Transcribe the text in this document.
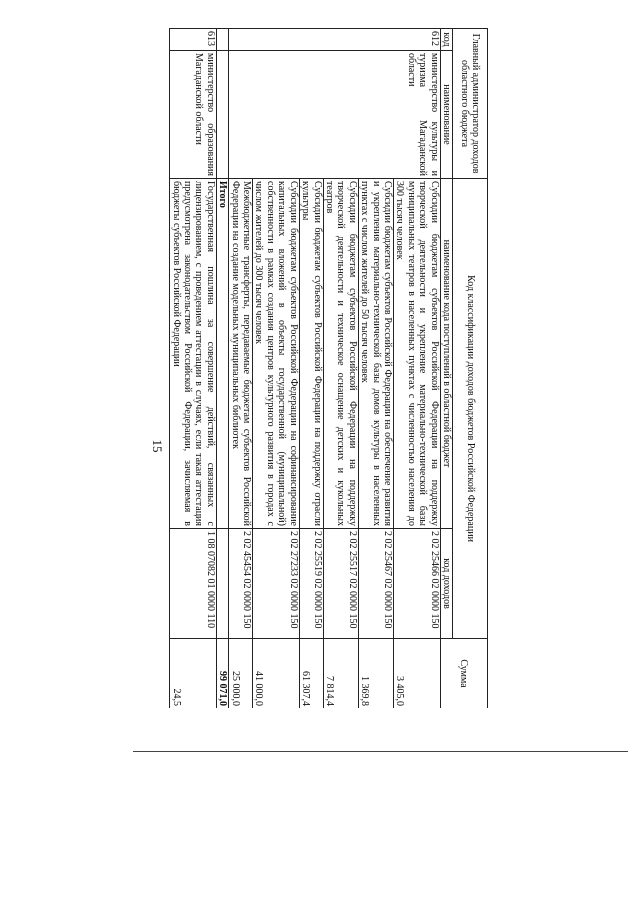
15
Главный администратор доходов областного бюджета		Код классификации доходов бюджетов Российской Федерации		Сумма
код	наименование	наименование кода поступлений в областной бюджет	код доходов	
612	министерство культуры и туризма Магаданской области	Субсидии бюджетам субъектов Российской Федерации на поддержку творческой деятельности и укрепление материально-технической базы муниципальных театров в населенных пунктах с численностью населения до 300 тысяч человек	2 02 25466 02 0000 150	3 405,0
		Субсидии бюджетам субъектов Российской Федерации на обеспечение развития и укрепления материально-технической базы домов культуры в населенных пунктах с числом жителей до 50 тысяч человек	2 02 25467 02 0000 150	1 369,8
		Субсидии бюджетам субъектов Российской Федерации на поддержку творческой деятельности и техническое оснащение детских и кукольных театров	2 02 25517 02 0000 150	7 814,4
		Субсидии бюджетам субъектов Российской Федерации на поддержку отрасли культуры	2 02 25519 02 0000 150	61 307,4
		Субсидии бюджетам субъектов Российской Федерации на софинансирование капитальных вложений в объекты государственной (муниципальной) собственности в рамках создания центров культурного развития в городах с числом жителей до 300 тысяч человек	2 02 27233 02 0000 150	41 000,0
		Межбюджетные трансферты, передаваемые бюджетам субъектов Российской Федерации на создание модельных муниципальных библиотек	2 02 45454 02 0000 150	25 000,0
		Итого		99 071,0
613	министерство образования Магаданской области	Государственная пошлина за совершение действий, связанных с лицензированием, с проведением аттестации в случаях, если такая аттестация предусмотрена законодательством Российской Федерации, зачисляемая в бюджеты субъектов Российской Федерации	1 08 07082 01 0000 110	24,5
